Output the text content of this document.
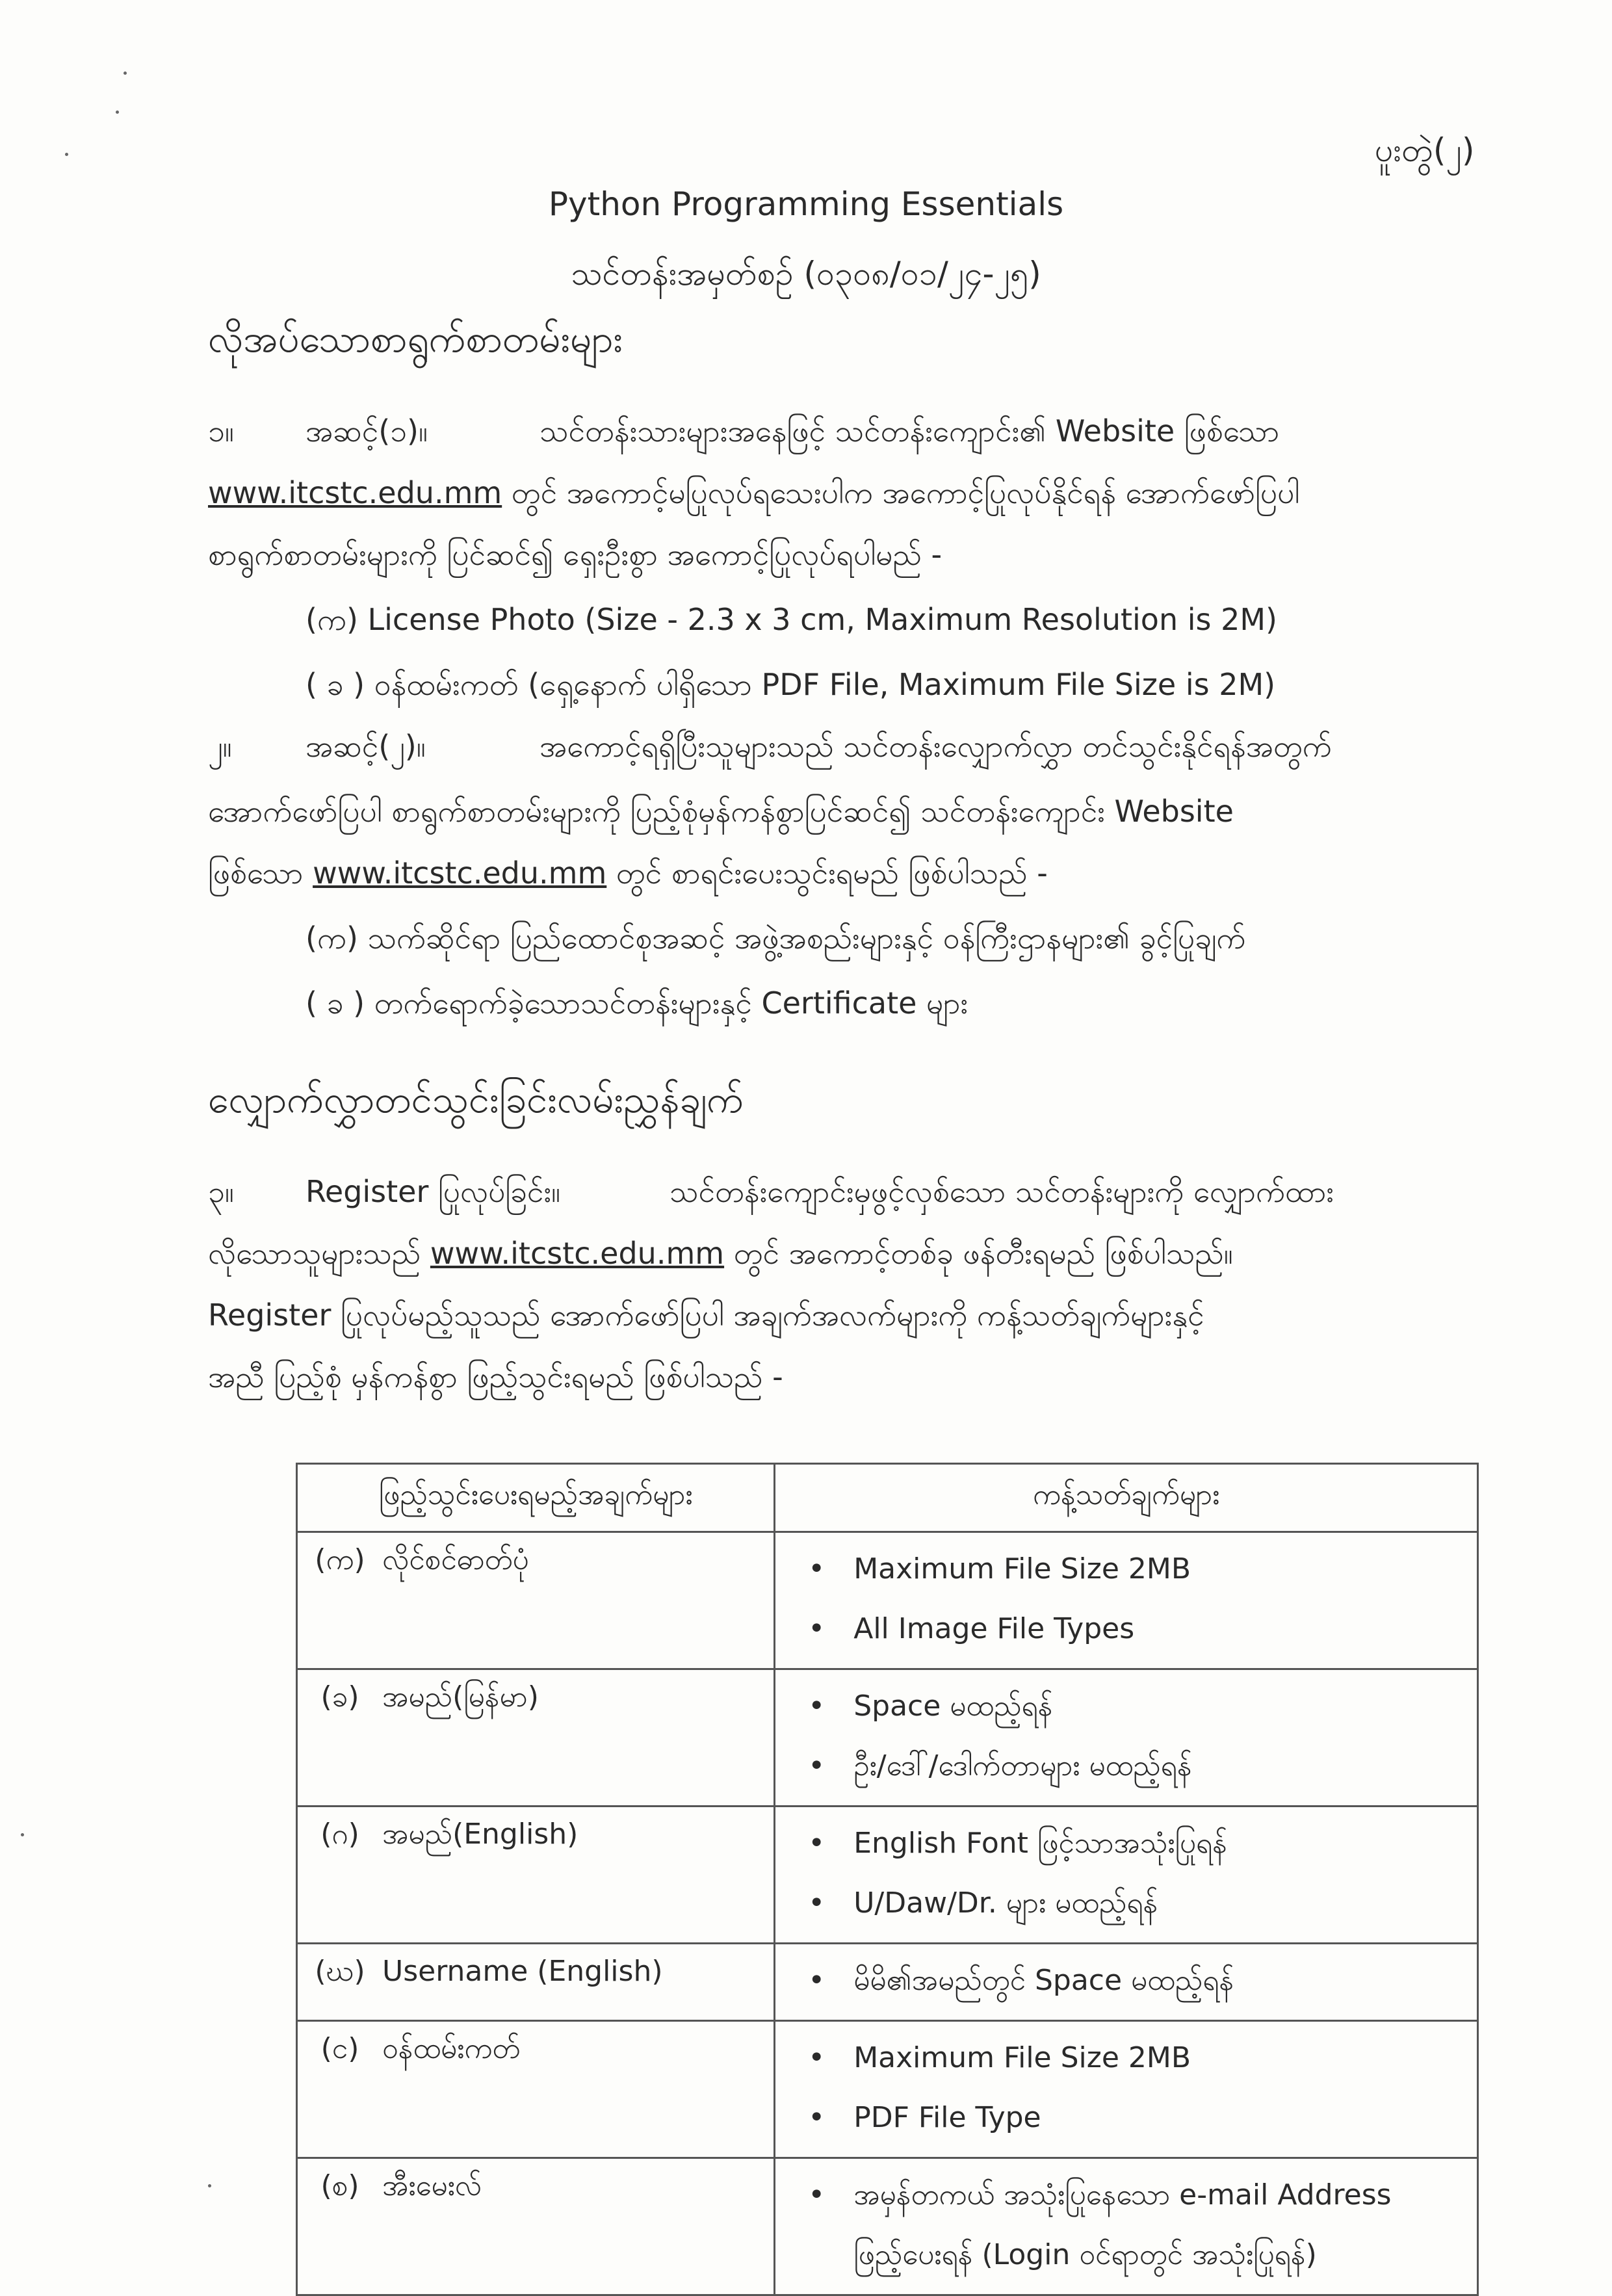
ပူးတွဲ(၂)
Python Programming Essentials
သင်တန်းအမှတ်စဉ် (၀၃၀၈/၀၁/၂၄-၂၅)
လိုအပ်သောစာရွက်စာတမ်းများ
၁။ အဆင့်(၁)။	သင်တန်းသားများအနေဖြင့် သင်တန်းကျောင်း၏ Website ဖြစ်သော
www.itcstc.edu.mm တွင် အကောင့်မပြုလုပ်ရသေးပါက အကောင့်ပြုလုပ်နိုင်ရန် အောက်ဖော်ပြပါ
စာရွက်စာတမ်းများကို ပြင်ဆင်၍ ရှေးဦးစွာ အကောင့်ပြုလုပ်ရပါမည် -
(က) License Photo (Size - 2.3 x 3 cm, Maximum Resolution is 2M)
( ခ ) ဝန်ထမ်းကတ် (ရှေ့နောက် ပါရှိသော PDF File, Maximum File Size is 2M)
၂။ အဆင့်(၂)။	အကောင့်ရရှိပြီးသူများသည် သင်တန်းလျှောက်လွှာ တင်သွင်းနိုင်ရန်အတွက်
အောက်ဖော်ပြပါ စာရွက်စာတမ်းများကို ပြည့်စုံမှန်ကန်စွာပြင်ဆင်၍ သင်တန်းကျောင်း Website
ဖြစ်သော www.itcstc.edu.mm တွင် စာရင်းပေးသွင်းရမည် ဖြစ်ပါသည် -
(က) သက်ဆိုင်ရာ ပြည်ထောင်စုအဆင့် အဖွဲ့အစည်းများနှင့် ဝန်ကြီးဌာနများ၏ ခွင့်ပြုချက်
( ခ ) တက်ရောက်ခဲ့သောသင်တန်းများနှင့် Certificate များ
လျှောက်လွှာတင်သွင်းခြင်းလမ်းညွှန်ချက်
၃။ Register ပြုလုပ်ခြင်း။	သင်တန်းကျောင်းမှဖွင့်လှစ်သော သင်တန်းများကို လျှောက်ထား
လိုသောသူများသည် www.itcstc.edu.mm တွင် အကောင့်တစ်ခု ဖန်တီးရမည် ဖြစ်ပါသည်။
Register ပြုလုပ်မည့်သူသည် အောက်ဖော်ပြပါ အချက်အလက်များကို ကန့်သတ်ချက်များနှင့်
အညီ ပြည့်စုံ မှန်ကန်စွာ ဖြည့်သွင်းရမည် ဖြစ်ပါသည် -
ဖြည့်သွင်းပေးရမည့်အချက်များ	ကန့်သတ်ချက်များ
(က) လိုင်စင်ဓာတ်ပုံ	• Maximum File Size 2MB
• All Image File Types

(ခ) အမည်(မြန်မာ)	• Space မထည့်ရန်
• ဦး/ဒေါ်/ဒေါက်တာများ မထည့်ရန်

(ဂ) အမည်(English)	• English Font ဖြင့်သာအသုံးပြုရန်
• U/Daw/Dr. များ မထည့်ရန်

(ဃ) Username (English)	• မိမိ၏အမည်တွင် Space မထည့်ရန်

(င) ဝန်ထမ်းကတ်	• Maximum File Size 2MB
• PDF File Type

(စ) အီးမေးလ်	• အမှန်တကယ် အသုံးပြုနေသော e-mail Address
ဖြည့်ပေးရန် (Login ဝင်ရာတွင် အသုံးပြုရန်)
